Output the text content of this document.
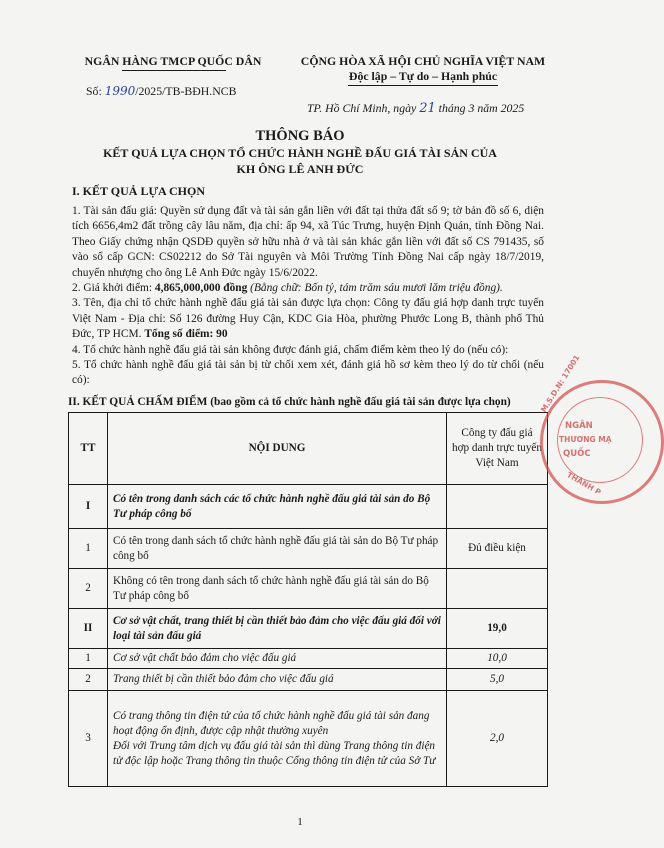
NGÂN HÀNG TMCP QUỐC DÂN	CỘNG HÒA XÃ HỘI CHỦ NGHĨA VIỆT NAM
Độc lập – Tự do – Hạnh phúc
Số: 1990/2025/TB-BĐH.NCB
TP. Hồ Chí Minh, ngày 21 tháng 3 năm 2025
THÔNG BÁO
KẾT QUẢ LỰA CHỌN TỔ CHỨC HÀNH NGHỀ ĐẤU GIÁ TÀI SẢN CỦA
KH ÔNG LÊ ANH ĐỨC
I. KẾT QUẢ LỰA CHỌN

1. Tài sản đấu giá: Quyền sử dụng đất và tài sản gắn liền với đất tại thửa đất số 9; tờ bản đồ số 6, diện tích 6656,4m2 đất trồng cây lâu năm, địa chỉ: ấp 94, xã Túc Trưng, huyện Định Quán, tỉnh Đồng Nai. Theo Giấy chứng nhận QSDĐ quyền sở hữu nhà ở và tài sản khác gắn liền với đất số CS 791435, số vào sổ cấp GCN: CS02212 do Sở Tài nguyên và Môi Trường Tỉnh Đồng Nai cấp ngày 18/7/2019, chuyển nhượng cho ông Lê Anh Đức ngày 15/6/2022.

2. Giá khởi điểm: 4,865,000,000 đồng (Bằng chữ: Bốn tỷ, tám trăm sáu mươi lăm triệu đồng).

3. Tên, địa chỉ tổ chức hành nghề đấu giá tài sản được lựa chọn: Công ty đấu giá hợp danh trực tuyến Việt Nam - Địa chỉ: Số 126 đường Huy Cận, KDC Gia Hòa, phường Phước Long B, thành phố Thủ Đức, TP HCM. Tổng số điểm: 90

4. Tổ chức hành nghề đấu giá tài sản không được đánh giá, chấm điểm kèm theo lý do (nếu có):

5. Tổ chức hành nghề đấu giá tài sản bị từ chối xem xét, đánh giá hồ sơ kèm theo lý do từ chối (nếu có):

II. KẾT QUẢ CHẤM ĐIỂM (bao gồm cả tổ chức hành nghề đấu giá tài sản được lựa chọn)
TT	NỘI DUNG	Công ty đấu giá hợp danh trực tuyến Việt Nam
I	Có tên trong danh sách các tổ chức hành nghề đấu giá tài sản do Bộ Tư pháp công bố	
1	Có tên trong danh sách tổ chức hành nghề đấu giá tài sản do Bộ Tư pháp công bố	Đủ điều kiện
2	Không có tên trong danh sách tổ chức hành nghề đấu giá tài sản do Bộ Tư pháp công bố	
II	Cơ sở vật chất, trang thiết bị cần thiết bảo đảm cho việc đấu giá đối với loại tài sản đấu giá	19,0
1	Cơ sở vật chất bảo đảm cho việc đấu giá	10,0
2	Trang thiết bị cần thiết bảo đảm cho việc đấu giá	5,0
3	Có trang thông tin điện tử của tổ chức hành nghề đấu giá tài sản đang hoạt động ổn định, được cập nhật thường xuyên
Đối với Trung tâm dịch vụ đấu giá tài sản thì dùng Trang thông tin điện tử độc lập hoặc Trang thông tin thuộc Cổng thông tin điện tử của Sở Tư	2,0
M.S.D.N: 17001
NGÂN
THƯƠNG MẠ
QUỐC
THÀNH P
1
